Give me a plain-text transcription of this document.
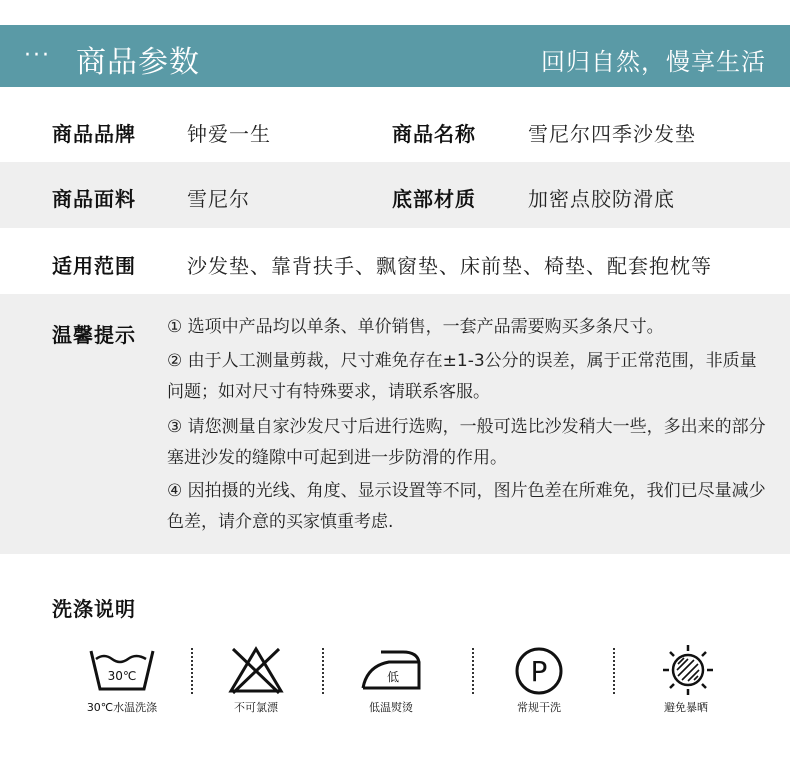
··· 商品参数	回归自然，慢享生活
商品品牌	钟爱一生	商品名称	雪尼尔四季沙发垫
商品面料	雪尼尔	底部材质	加密点胶防滑底
适用范围	沙发垫、靠背扶手、飘窗垫、床前垫、椅垫、配套抱枕等
温馨提示 ① 选项中产品均以单条、单价销售，一套产品需要购买多条尺寸。
② 由于人工测量剪裁，尺寸难免存在±1-3公分的误差，属于正常范围，非质量问题；如对尺寸有特殊要求，请联系客服。
③ 请您测量自家沙发尺寸后进行选购，一般可选比沙发稍大一些，多出来的部分塞进沙发的缝隙中可起到进一步防滑的作用。
④ 因拍摄的光线、角度、显示设置等不同，图片色差在所难免，我们已尽量减少色差，请介意的买家慎重考虑.
洗涤说明
30℃
30℃水温洗涤	不可氯漂
低
低温熨烫
P
常规干洗	避免暴晒
